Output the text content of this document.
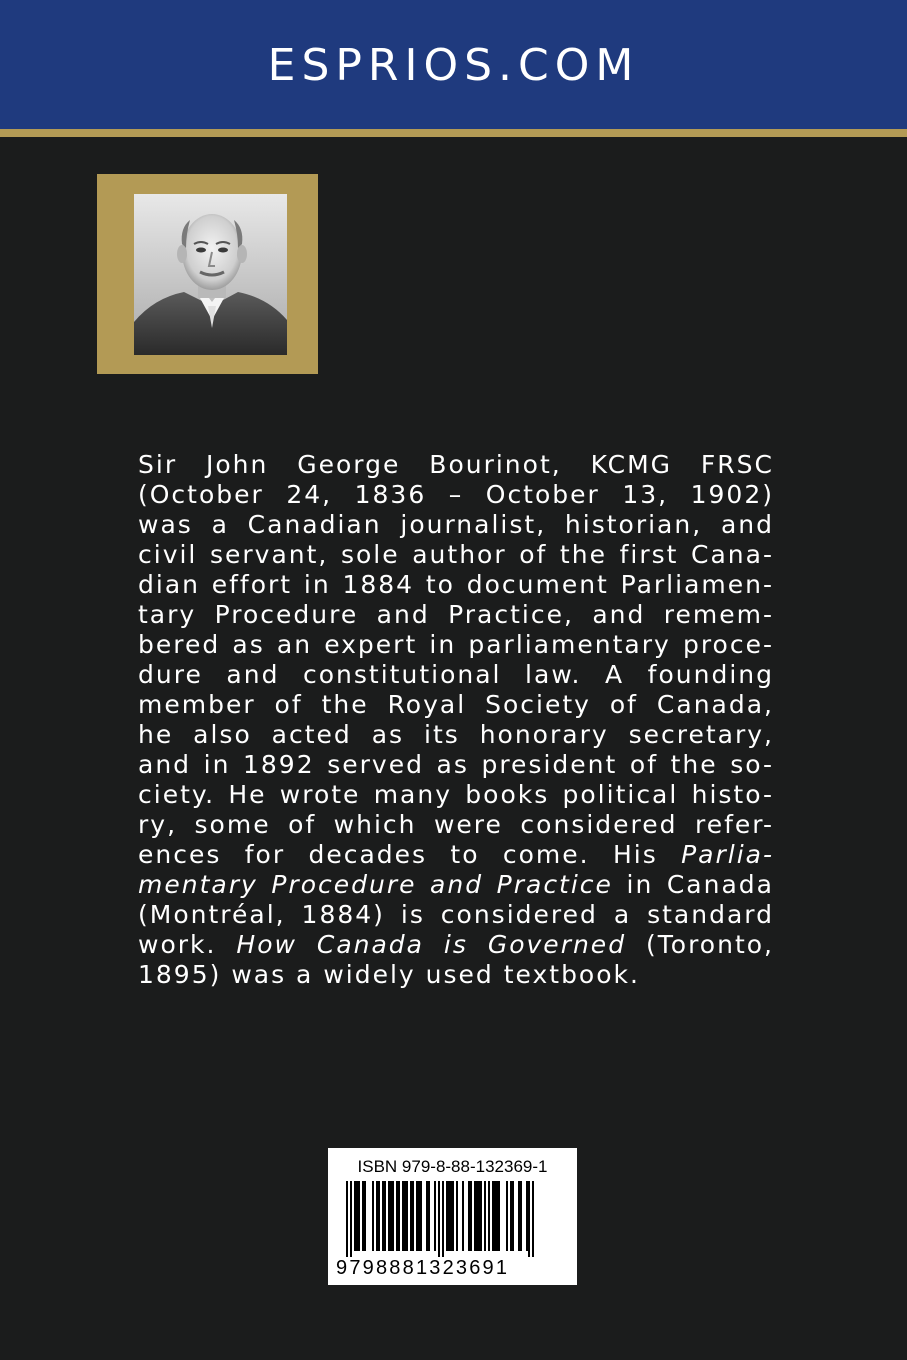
ESPRIOS.COM
Sir John George Bourinot, KCMG FRSC
(October 24, 1836 – October 13, 1902)
was a Canadian journalist, historian, and
civil servant, sole author of the first Cana-
dian effort in 1884 to document Parliamen-
tary Procedure and Practice, and remem-
bered as an expert in parliamentary proce-
dure and constitutional law. A founding
member of the Royal Society of Canada,
he also acted as its honorary secretary,
and in 1892 served as president of the so-
ciety. He wrote many books political histo-
ry, some of which were considered refer-
ences for decades to come. His Parlia-
mentary Procedure and Practice in Canada
(Montréal, 1884) is considered a standard
work. How Canada is Governed (Toronto,
1895) was a widely used textbook.
ISBN 979-8-88-132369-1
9798881323691
